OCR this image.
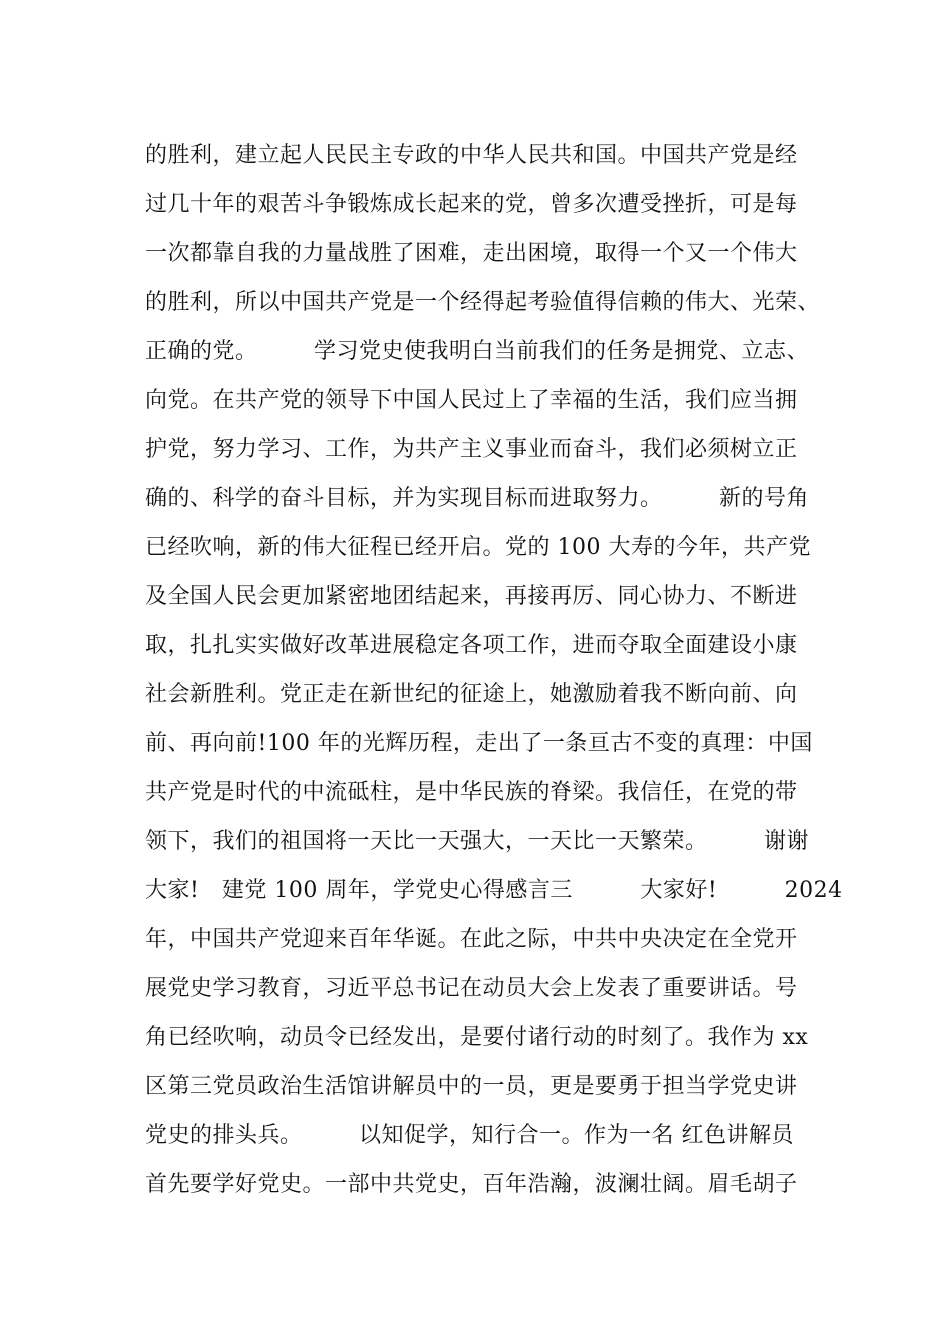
的胜利，建立起人民民主专政的中华人民共和国。中国共产党是经
过几十年的艰苦斗争锻炼成长起来的党，曾多次遭受挫折，可是每
一次都靠自我的力量战胜了困难，走出困境，取得一个又一个伟大
的胜利，所以中国共产党是一个经得起考验值得信赖的伟大、光荣、
正确的党。　　　学习党史使我明白当前我们的任务是拥党、立志、
向党。在共产党的领导下中国人民过上了幸福的生活，我们应当拥
护党，努力学习、工作，为共产主义事业而奋斗，我们必须树立正
确的、科学的奋斗目标，并为实现目标而进取努力。　　　新的号角
已经吹响，新的伟大征程已经开启。党的 100 大寿的今年，共产党
及全国人民会更加紧密地团结起来，再接再厉、同心协力、不断进
取，扎扎实实做好改革进展稳定各项工作，进而夺取全面建设小康
社会新胜利。党正走在新世纪的征途上，她激励着我不断向前、向
前、再向前!100 年的光辉历程，走出了一条亘古不变的真理：中国
共产党是时代的中流砥柱，是中华民族的脊梁。我信任，在党的带
领下，我们的祖国将一天比一天强大，一天比一天繁荣。　　　谢谢
大家!　建党 100 周年，学党史心得感言三　　　大家好!　　　2024
年，中国共产党迎来百年华诞。在此之际，中共中央决定在全党开
展党史学习教育，习近平总书记在动员大会上发表了重要讲话。号
角已经吹响，动员令已经发出，是要付诸行动的时刻了。我作为 xx
区第三党员政治生活馆讲解员中的一员，更是要勇于担当学党史讲
党史的排头兵。　　　以知促学，知行合一。作为一名 红色讲解员
首先要学好党史。一部中共党史，百年浩瀚，波澜壮阔。眉毛胡子
